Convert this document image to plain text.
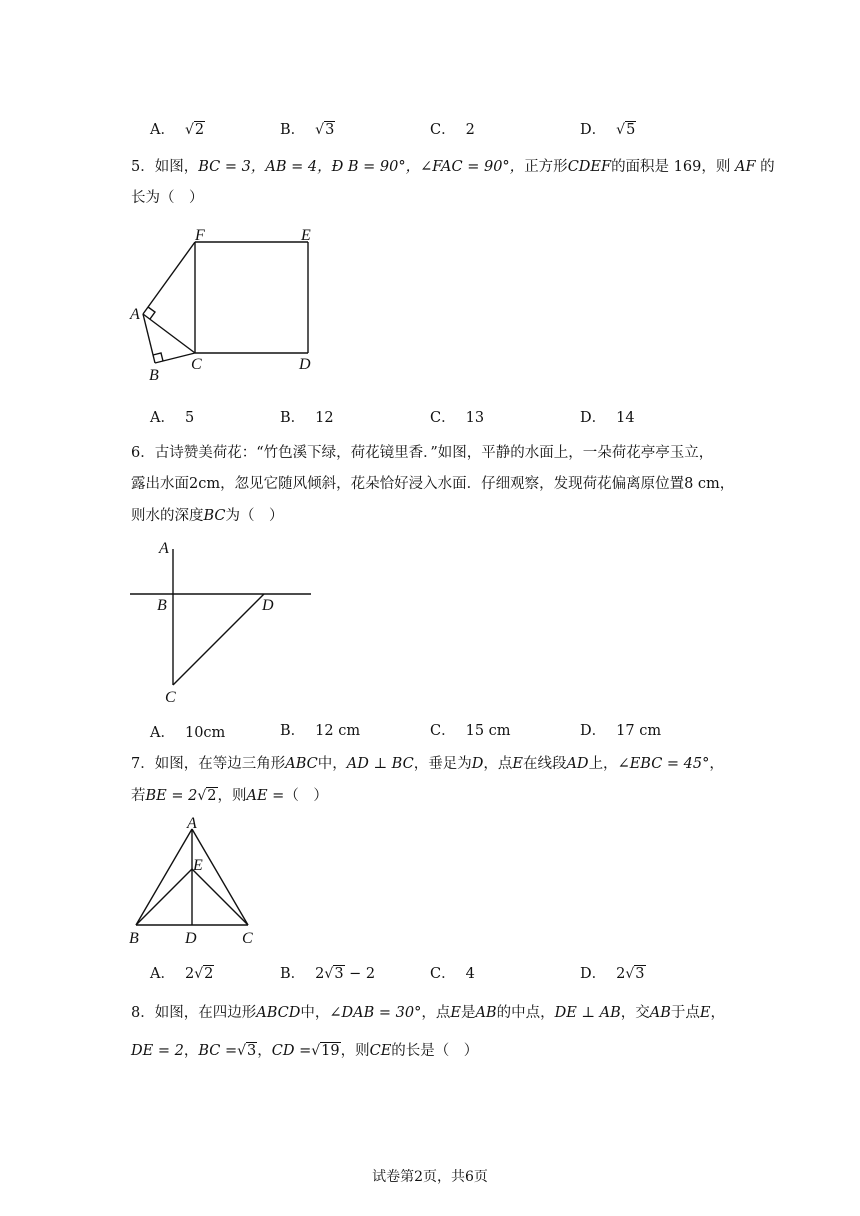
A． √2	B． √3	C． 2	D． √5
5．如图，BC = 3，AB = 4，Ð B = 90°，∠FAC = 90°，正方形CDEF的面积是 169，则 AF 的
长为（　）
F	E
A
B
C	D
A． 5	B． 12	C． 13	D． 14
6．古诗赞美荷花：“竹色溪下绿，荷花镜里香．”如图，平静的水面上，一朵荷花亭亭玉立，
露出水面2cm，忽见它随风倾斜，花朵恰好浸入水面．仔细观察，发现荷花偏离原位置8 cm，
则水的深度BC为（　）
A
B	D
C
A． 10cm	B． 12 cm	C． 15 cm	D． 17 cm
7．如图，在等边三角形ABC中，AD ⊥ BC，垂足为D，点E在线段AD上，∠EBC = 45°，
若BE = 2√2，则AE =（　）
A
E
B	D	C
A． 2√2	B． 2√3 − 2	C． 4	D． 2√3
8．如图，在四边形ABCD中，∠DAB = 30°，点E是AB的中点，DE ⊥ AB，交AB于点E，
DE = 2，BC =√3，CD =√19，则CE的长是（　）
试卷第2页，共6页
